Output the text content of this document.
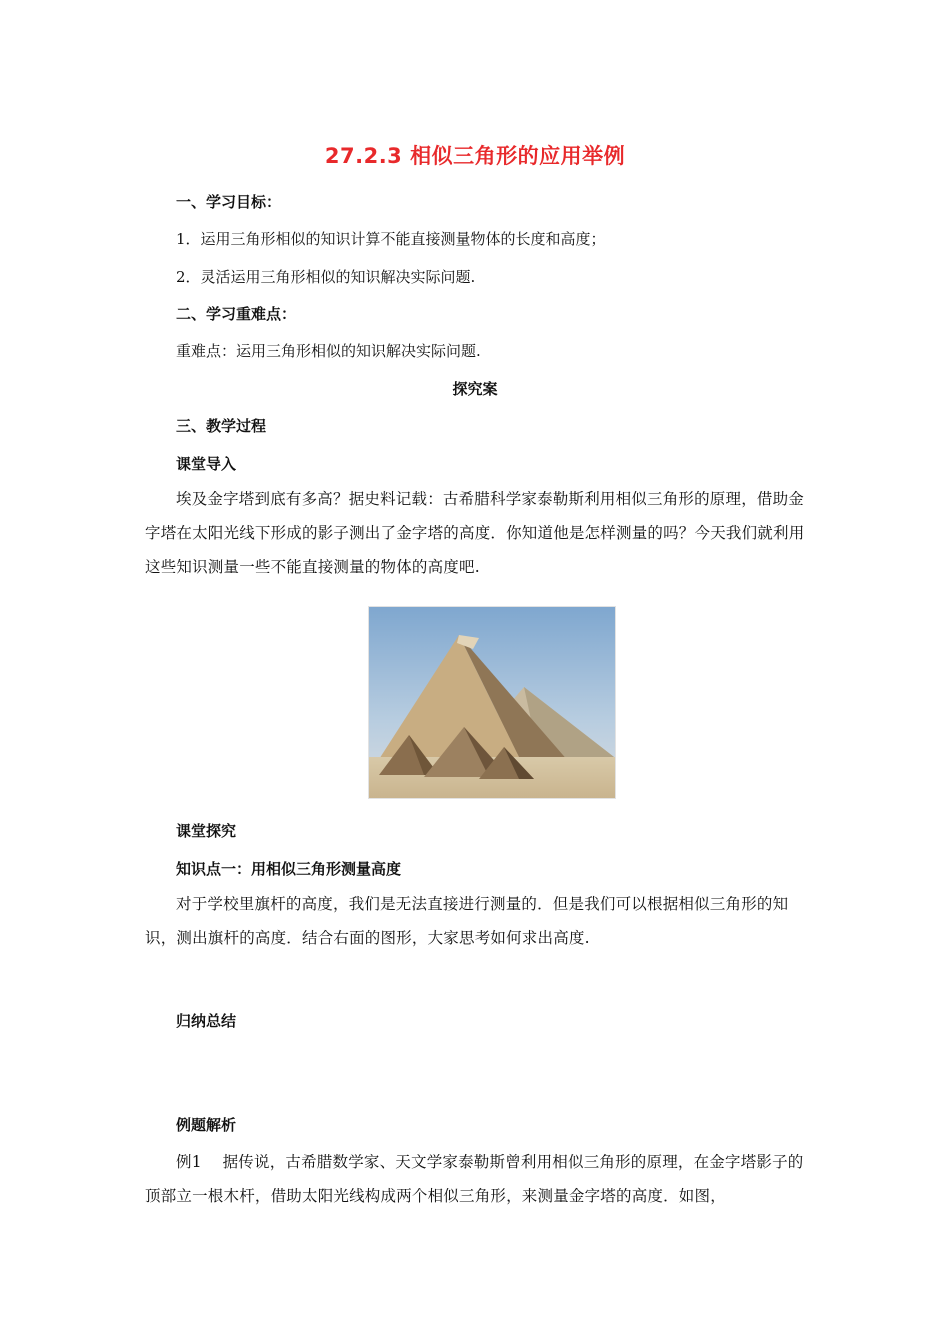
27.2.3 相似三角形的应用举例
一、学习目标：
1．运用三角形相似的知识计算不能直接测量物体的长度和高度；
2．灵活运用三角形相似的知识解决实际问题.
二、学习重难点：
重难点：运用三角形相似的知识解决实际问题.
探究案
三、教学过程
课堂导入
埃及金字塔到底有多高？据史料记载：古希腊科学家泰勒斯利用相似三角形的原理，借助金字塔在太阳光线下形成的影子测出了金字塔的高度．你知道他是怎样测量的吗？今天我们就利用这些知识测量一些不能直接测量的物体的高度吧.
课堂探究
知识点一：用相似三角形测量高度
对于学校里旗杆的高度，我们是无法直接进行测量的．但是我们可以根据相似三角形的知识，测出旗杆的高度．结合右面的图形，大家思考如何求出高度.
归纳总结
例题解析
例1　 据传说，古希腊数学家、天文学家泰勒斯曾利用相似三角形的原理，在金字塔影子的顶部立一根木杆，借助太阳光线构成两个相似三角形，来测量金字塔的高度．如图，
